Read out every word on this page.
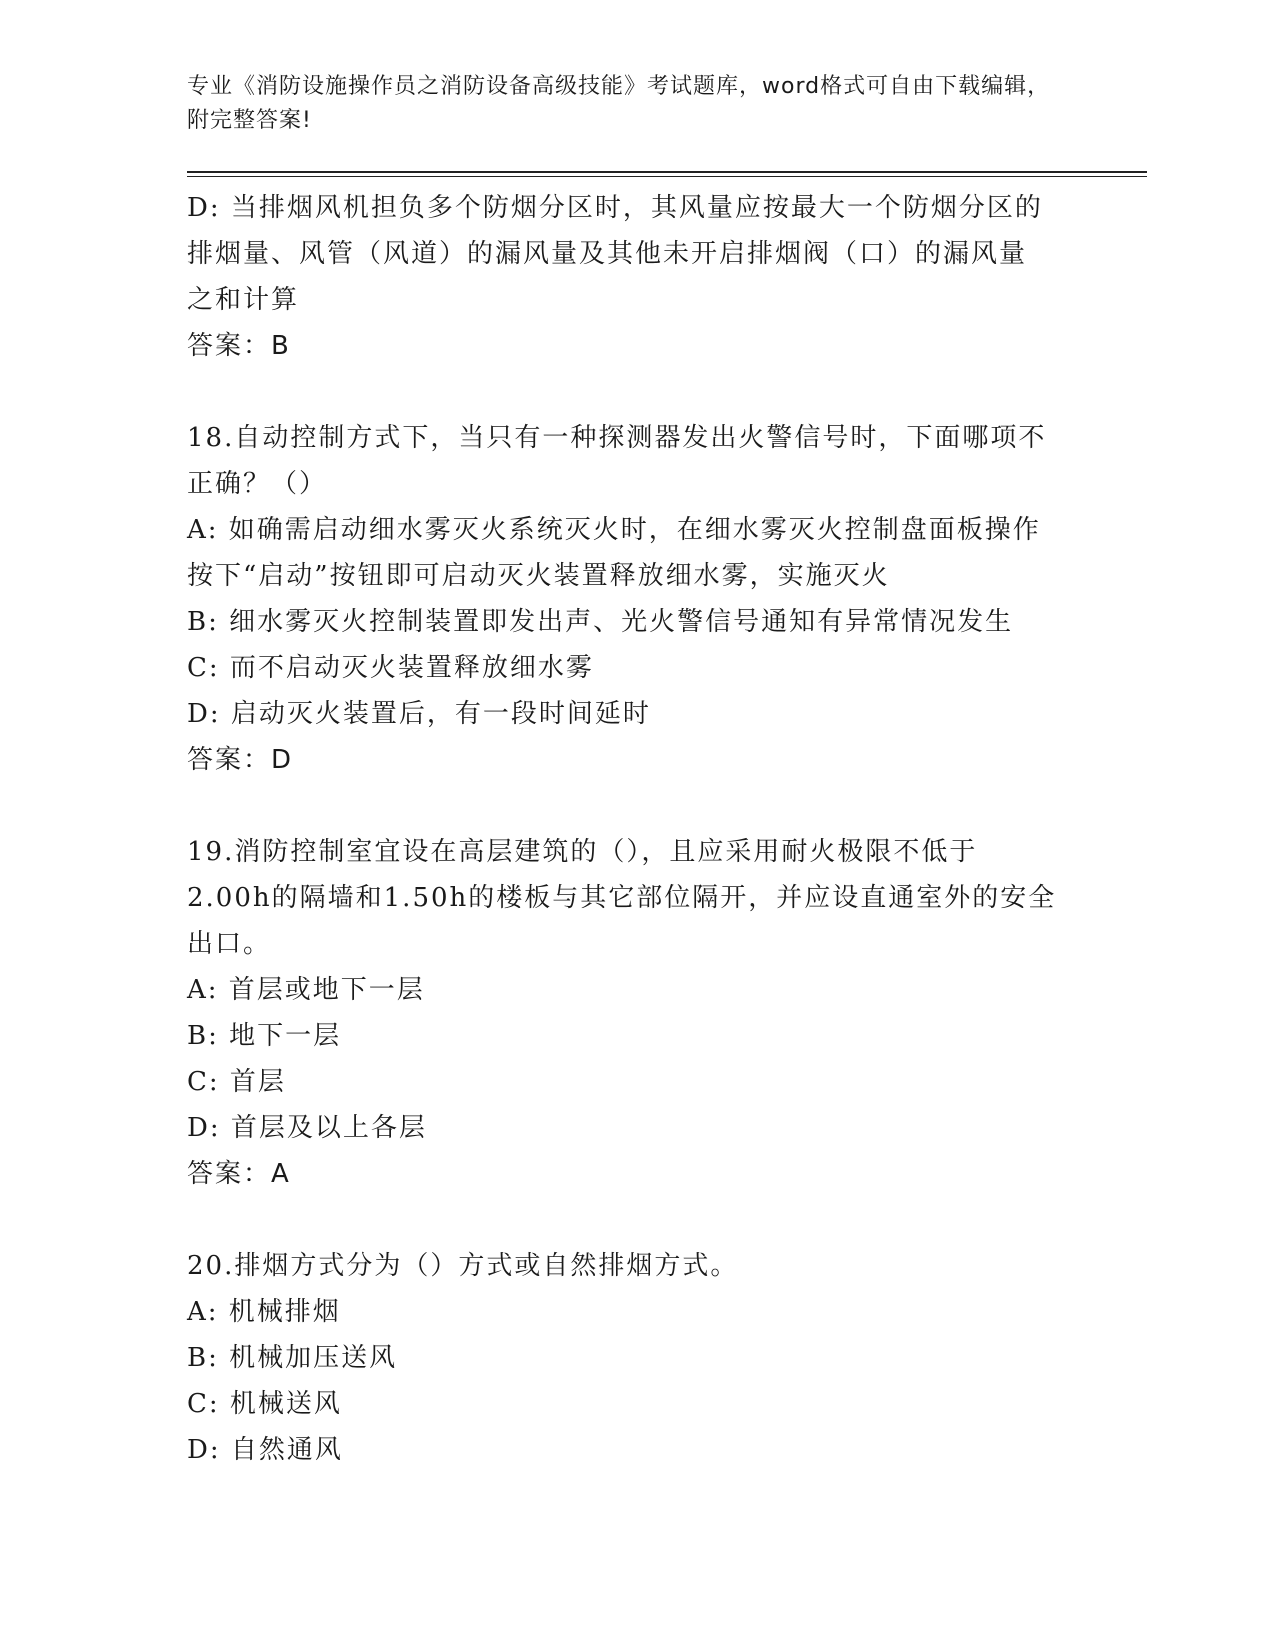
专业《消防设施操作员之消防设备高级技能》考试题库，word格式可自由下载编辑，附完整答案!
D: 当排烟风机担负多个防烟分区时，其风量应按最大一个防烟分区的
排烟量、风管（风道）的漏风量及其他未开启排烟阀（口）的漏风量
之和计算
答案：B
18.自动控制方式下，当只有一种探测器发出火警信号时，下面哪项不
正确？（）
A: 如确需启动细水雾灭火系统灭火时，在细水雾灭火控制盘面板操作
按下“启动”按钮即可启动灭火装置释放细水雾，实施灭火
B: 细水雾灭火控制装置即发出声、光火警信号通知有异常情况发生
C: 而不启动灭火装置释放细水雾
D: 启动灭火装置后，有一段时间延时
答案：D
19.消防控制室宜设在高层建筑的（），且应采用耐火极限不低于
2.00h的隔墙和1.50h的楼板与其它部位隔开，并应设直通室外的安全
出口。
A: 首层或地下一层
B: 地下一层
C: 首层
D: 首层及以上各层
答案：A
20.排烟方式分为（）方式或自然排烟方式。
A: 机械排烟
B: 机械加压送风
C: 机械送风
D: 自然通风
